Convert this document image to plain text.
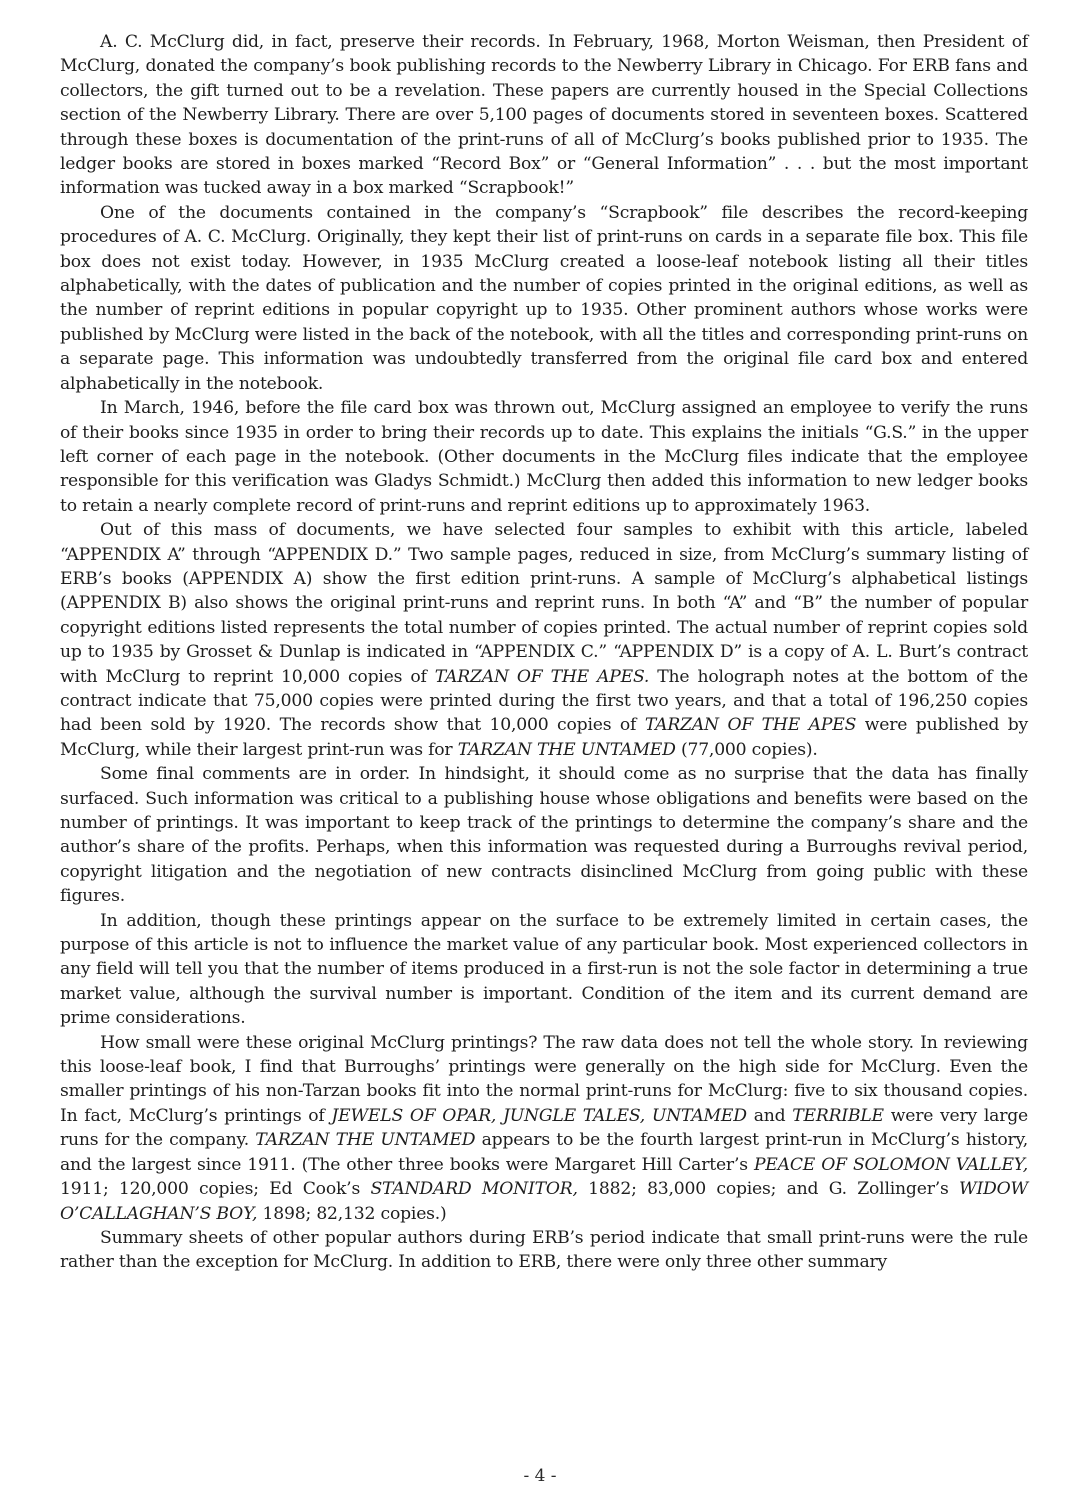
A. C. McClurg did, in fact, preserve their records. In February, 1968, Morton Weisman, then President of McClurg, donated the company’s book publishing records to the Newberry Library in Chicago. For ERB fans and collectors, the gift turned out to be a revelation. These papers are currently housed in the Special Collections section of the Newberry Library. There are over 5,100 pages of documents stored in seventeen boxes. Scattered through these boxes is documentation of the print-runs of all of McClurg’s books published prior to 1935. The ledger books are stored in boxes marked “Record Box” or “General Information” . . . but the most important information was tucked away in a box marked “Scrapbook!”

One of the documents contained in the company’s “Scrapbook” file describes the record-keeping procedures of A. C. McClurg. Originally, they kept their list of print-runs on cards in a separate file box. This file box does not exist today. However, in 1935 McClurg created a loose-leaf notebook listing all their titles alphabetically, with the dates of publication and the number of copies printed in the original editions, as well as the number of reprint editions in popular copyright up to 1935. Other prominent authors whose works were published by McClurg were listed in the back of the notebook, with all the titles and corresponding print-runs on a separate page. This information was undoubtedly transferred from the original file card box and entered alphabetically in the notebook.

In March, 1946, before the file card box was thrown out, McClurg assigned an employee to verify the runs of their books since 1935 in order to bring their records up to date. This explains the initials “G.S.” in the upper left corner of each page in the notebook. (Other documents in the McClurg files indicate that the employee responsible for this verification was Gladys Schmidt.) McClurg then added this information to new ledger books to retain a nearly complete record of print-runs and reprint editions up to approximately 1963.

Out of this mass of documents, we have selected four samples to exhibit with this article, labeled “APPENDIX A” through “APPENDIX D.” Two sample pages, reduced in size, from McClurg’s summary listing of ERB’s books (APPENDIX A) show the first edition print-runs. A sample of McClurg’s alphabetical listings (APPENDIX B) also shows the original print-runs and reprint runs. In both “A” and “B” the number of popular copyright editions listed represents the total number of copies printed. The actual number of reprint copies sold up to 1935 by Grosset & Dunlap is indicated in “APPENDIX C.” “APPENDIX D” is a copy of A. L. Burt’s contract with McClurg to reprint 10,000 copies of TARZAN OF THE APES. The holograph notes at the bottom of the contract indicate that 75,000 copies were printed during the first two years, and that a total of 196,250 copies had been sold by 1920. The records show that 10,000 copies of TARZAN OF THE APES were published by McClurg, while their largest print-run was for TARZAN THE UNTAMED (77,000 copies).

Some final comments are in order. In hindsight, it should come as no surprise that the data has finally surfaced. Such information was critical to a publishing house whose obligations and benefits were based on the number of printings. It was important to keep track of the printings to determine the company’s share and the author’s share of the profits. Perhaps, when this information was requested during a Burroughs revival period, copyright litigation and the negotiation of new contracts disinclined McClurg from going public with these figures.

In addition, though these printings appear on the surface to be extremely limited in certain cases, the purpose of this article is not to influence the market value of any particular book. Most experienced collectors in any field will tell you that the number of items produced in a first-run is not the sole factor in determining a true market value, although the survival number is important. Condition of the item and its current demand are prime considerations.

How small were these original McClurg printings? The raw data does not tell the whole story. In reviewing this loose-leaf book, I find that Burroughs’ printings were generally on the high side for McClurg. Even the smaller printings of his non-Tarzan books fit into the normal print-runs for McClurg: five to six thousand copies. In fact, McClurg’s printings of JEWELS OF OPAR, JUNGLE TALES, UNTAMED and TERRIBLE were very large runs for the company. TARZAN THE UNTAMED appears to be the fourth largest print-run in McClurg’s history, and the largest since 1911. (The other three books were Margaret Hill Carter’s PEACE OF SOLOMON VALLEY, 1911; 120,000 copies; Ed Cook’s STANDARD MONITOR, 1882; 83,000 copies; and G. Zollinger’s WIDOW O’CALLAGHAN’S BOY, 1898; 82,132 copies.)

Summary sheets of other popular authors during ERB’s period indicate that small print-runs were the rule rather than the exception for McClurg. In addition to ERB, there were only three other summary

- 4 -
